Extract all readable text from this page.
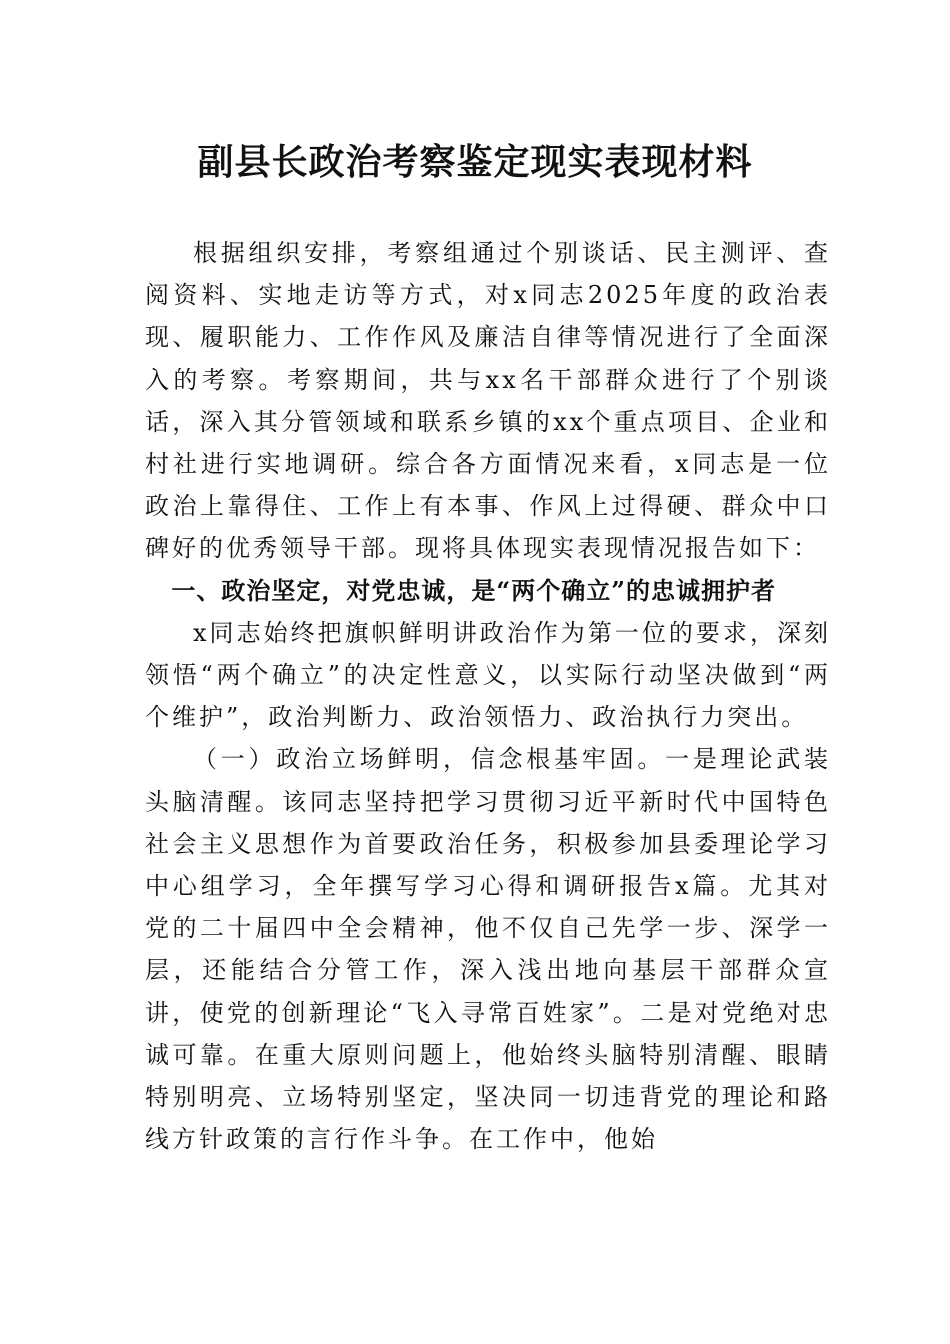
副县长政治考察鉴定现实表现材料

根据组织安排，考察组通过个别谈话、民主测评、查阅资料、实地走访等方式，对x同志2025年度的政治表现、履职能力、工作作风及廉洁自律等情况进行了全面深入的考察。考察期间，共与xx名干部群众进行了个别谈话，深入其分管领域和联系乡镇的xx个重点项目、企业和村社进行实地调研。综合各方面情况来看，x同志是一位政治上靠得住、工作上有本事、作风上过得硬、群众中口碑好的优秀领导干部。现将具体现实表现情况报告如下：

一、政治坚定，对党忠诚，是“两个确立”的忠诚拥护者

x同志始终把旗帜鲜明讲政治作为第一位的要求，深刻领悟“两个确立”的决定性意义，以实际行动坚决做到“两个维护”，政治判断力、政治领悟力、政治执行力突出。

（一）政治立场鲜明，信念根基牢固。一是理论武装头脑清醒。该同志坚持把学习贯彻习近平新时代中国特色社会主义思想作为首要政治任务，积极参加县委理论学习中心组学习，全年撰写学习心得和调研报告x篇。尤其对党的二十届四中全会精神，他不仅自己先学一步、深学一层，还能结合分管工作，深入浅出地向基层干部群众宣讲，使党的创新理论“飞入寻常百姓家”。二是对党绝对忠诚可靠。在重大原则问题上，他始终头脑特别清醒、眼睛特别明亮、立场特别坚定，坚决同一切违背党的理论和路线方针政策的言行作斗争。在工作中，他始
